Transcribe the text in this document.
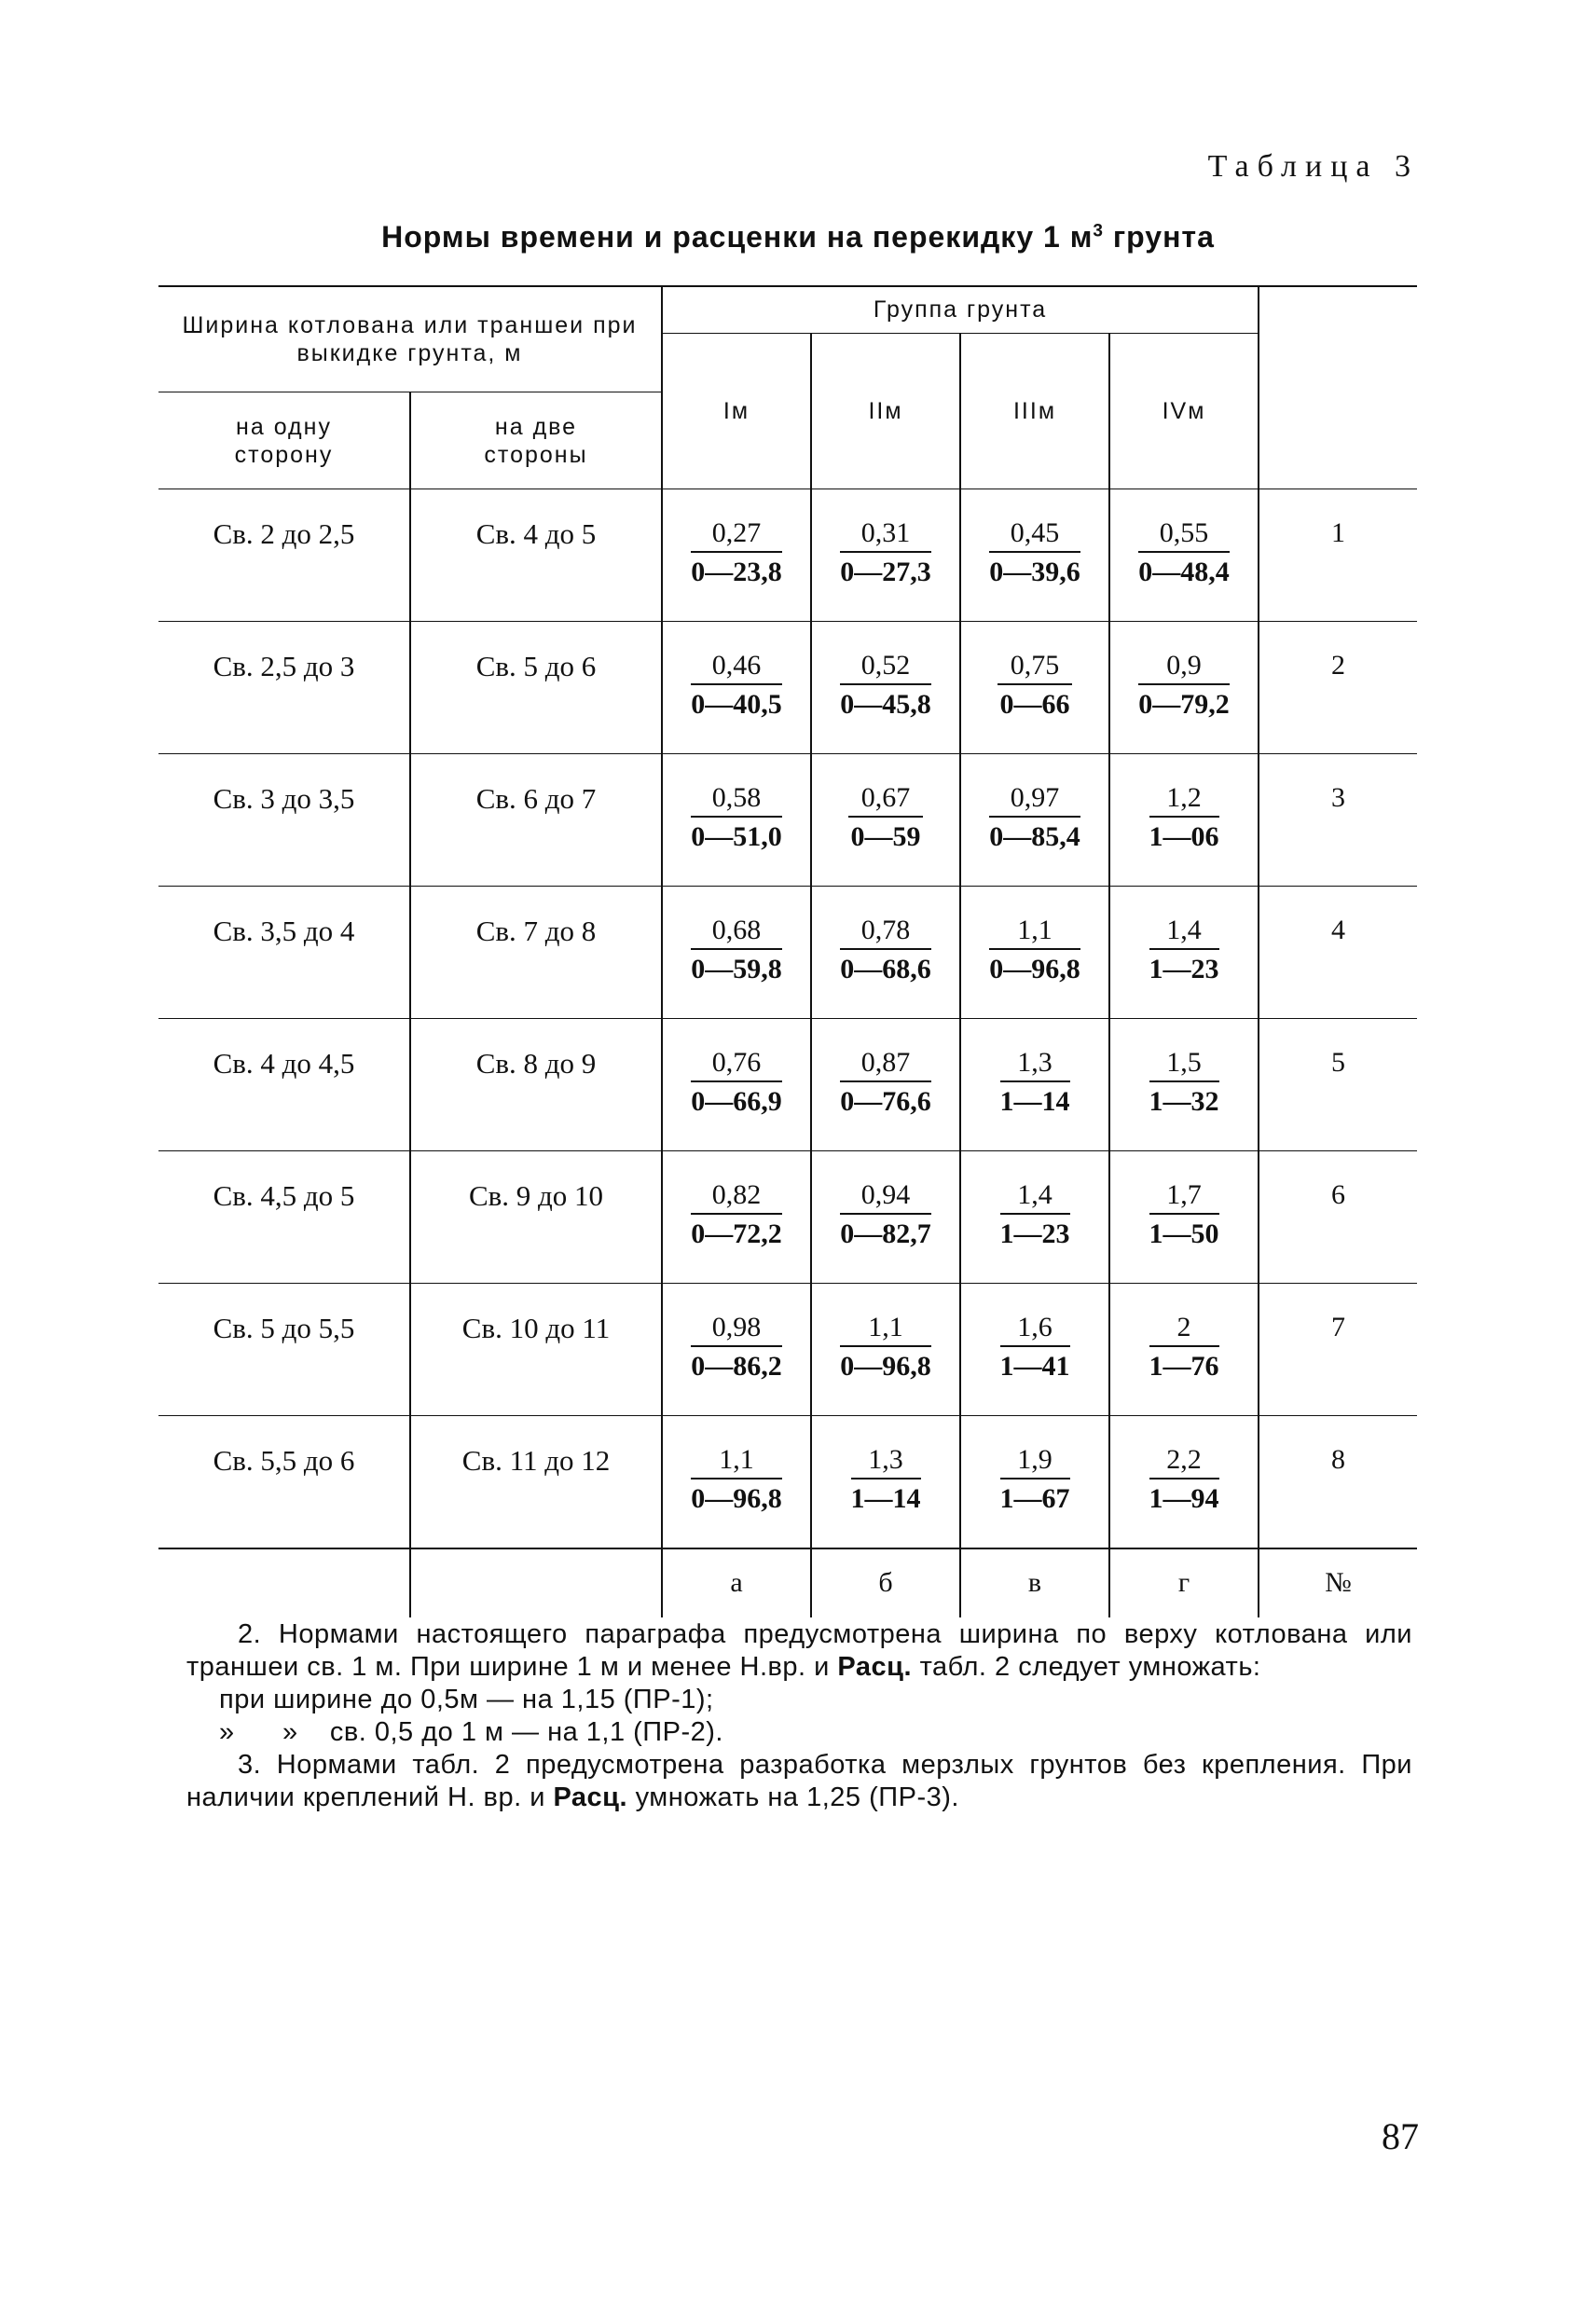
Таблица 3
Нормы времени и расценки на перекидку 1 $м^3$ грунта
Ширина котлована или траншеи при выкидке грунта, м		Группа грунта				
		Iм	IIм	IIIм	IVм	
на одну сторону	на две стороны					
Св. 2 до 2,5	Св. 4 до 5	$\frac{0,27}{0—23,8}$	$\frac{0,31}{0—27,3}$	$\frac{0,45}{0—39,6}$	$\frac{0,55}{0—48,4}$	1
Св. 2,5 до 3	Св. 5 до 6	$\frac{0,46}{0—40,5}$	$\frac{0,52}{0—45,8}$	$\frac{0,75}{0—66}$	$\frac{0,9}{0—79,2}$	2
Св. 3 до 3,5	Св. 6 до 7	$\frac{0,58}{0—51,0}$	$\frac{0,67}{0—59}$	$\frac{0,97}{0—85,4}$	$\frac{1,2}{1—06}$	3
Св. 3,5 до 4	Св. 7 до 8	$\frac{0,68}{0—59,8}$	$\frac{0,78}{0—68,6}$	$\frac{1,1}{0—96,8}$	$\frac{1,4}{1—23}$	4
Св. 4 до 4,5	Св. 8 до 9	$\frac{0,76}{0—66,9}$	$\frac{0,87}{0—76,6}$	$\frac{1,3}{1—14}$	$\frac{1,5}{1—32}$	5
Св. 4,5 до 5	Св. 9 до 10	$\frac{0,82}{0—72,2}$	$\frac{0,94}{0—82,7}$	$\frac{1,4}{1—23}$	$\frac{1,7}{1—50}$	6
Св. 5 до 5,5	Св. 10 до 11	$\frac{0,98}{0—86,2}$	$\frac{1,1}{0—96,8}$	$\frac{1,6}{1—41}$	$\frac{2}{1—76}$	7
Св. 5,5 до 6	Св. 11 до 12	$\frac{1,1}{0—96,8}$	$\frac{1,3}{1—14}$	$\frac{1,9}{1—67}$	$\frac{2,2}{1—94}$	8
		а	б	в	г	№

2. Нормами настоящего параграфа предусмотрена ширина по верху котлована или траншеи св. 1 м. При ширине 1 м и менее Н.вр. и Расц. табл. 2 следует умножать:

при ширине до 0,5м — на 1,15 (ПР-1);

»      »    св. 0,5 до 1 м — на 1,1 (ПР-2).

3. Нормами табл. 2 предусмотрена разработка мерзлых грунтов без крепления. При наличии креплений Н. вр. и Расц. умножать на 1,25 (ПР-3).

87
